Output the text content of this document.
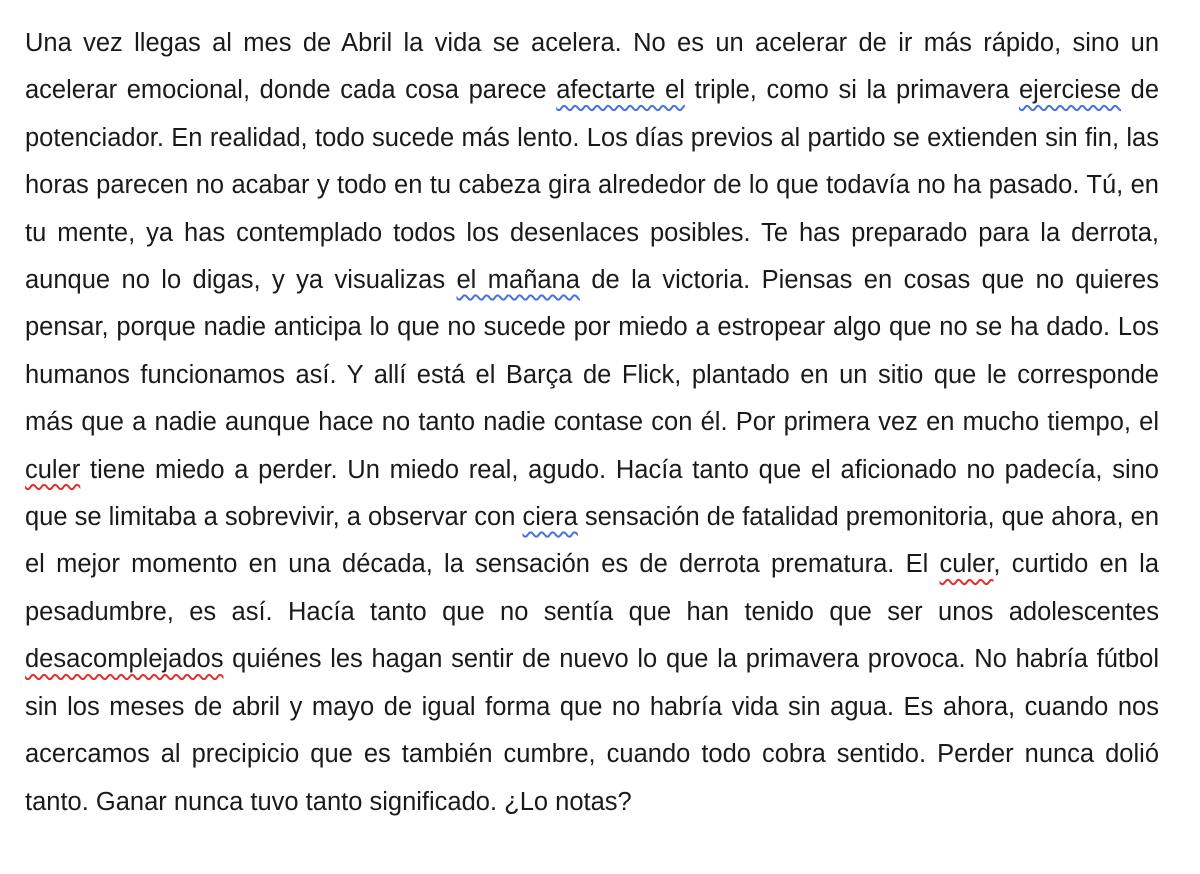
Una vez llegas al mes de Abril la vida se acelera. No es un acelerar de ir más rápido, sino un acelerar emocional, donde cada cosa parece afectarte el triple, como si la primavera ejerciese de potenciador. En realidad, todo sucede más lento. Los días previos al partido se extienden sin fin, las horas parecen no acabar y todo en tu cabeza gira alrededor de lo que todavía no ha pasado. Tú, en tu mente, ya has contemplado todos los desenlaces posibles. Te has preparado para la derrota, aunque no lo digas, y ya visualizas el mañana de la victoria. Piensas en cosas que no quieres pensar, porque nadie anticipa lo que no sucede por miedo a estropear algo que no se ha dado. Los humanos funcionamos así. Y allí está el Barça de Flick, plantado en un sitio que le corresponde más que a nadie aunque hace no tanto nadie contase con él. Por primera vez en mucho tiempo, el culer tiene miedo a perder. Un miedo real, agudo. Hacía tanto que el aficionado no padecía, sino que se limitaba a sobrevivir, a observar con ciera sensación de fatalidad premonitoria, que ahora, en el mejor momento en una década, la sensación es de derrota prematura. El culer, curtido en la pesadumbre, es así. Hacía tanto que no sentía que han tenido que ser unos adolescentes desacomplejados quiénes les hagan sentir de nuevo lo que la primavera provoca. No habría fútbol sin los meses de abril y mayo de igual forma que no habría vida sin agua. Es ahora, cuando nos acercamos al precipicio que es también cumbre, cuando todo cobra sentido. Perder nunca dolió tanto. Ganar nunca tuvo tanto significado. ¿Lo notas?
